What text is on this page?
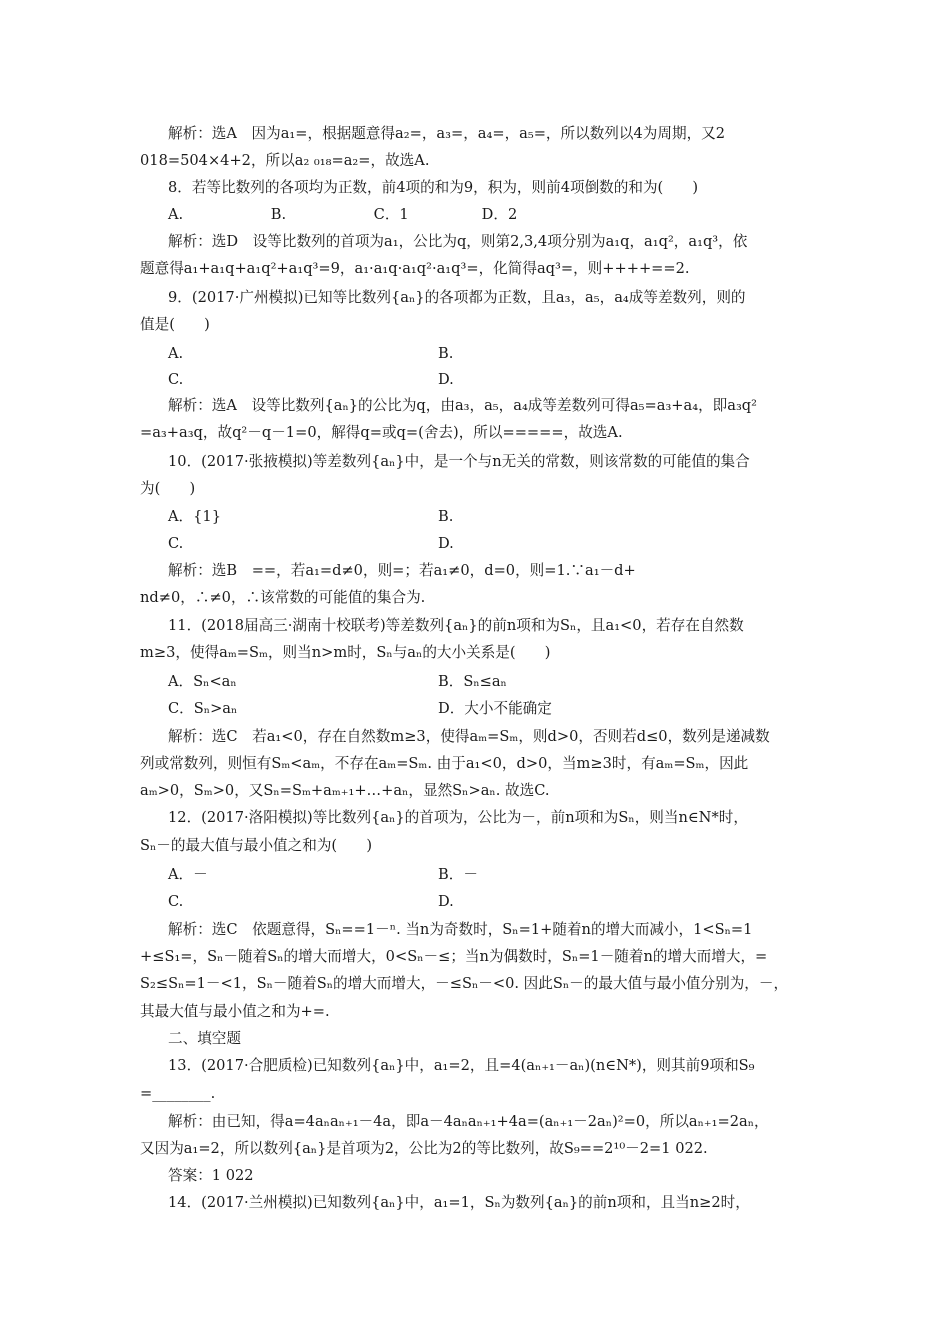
解析：选A　因为a₁=，根据题意得a₂=，a₃=，a₄=，a₅=，所以数列以4为周期，又2
018=504×4+2，所以a₂ ₀₁₈=a₂=，故选A.
8．若等比数列的各项均为正数，前4项的和为9，积为，则前4项倒数的和为(　　)
A.　　　　　　B.　　　　　　C．1　　　　　D．2
解析：选D　设等比数列的首项为a₁，公比为q，则第2,3,4项分别为a₁q，a₁q²，a₁q³，依
题意得a₁+a₁q+a₁q²+a₁q³=9，a₁·a₁q·a₁q²·a₁q³=，化简得aq³=，则++++==2.
9．(2017·广州模拟)已知等比数列{aₙ}的各项都为正数，且a₃，a₅，a₄成等差数列，则的
值是(　　)
A.	B.
C.	D.
解析：选A　设等比数列{aₙ}的公比为q，由a₃，a₅，a₄成等差数列可得a₅=a₃+a₄，即a₃q²
=a₃+a₃q，故q²－q－1=0，解得q=或q=(舍去)，所以=====，故选A.
10．(2017·张掖模拟)等差数列{aₙ}中，是一个与n无关的常数，则该常数的可能值的集合
为(　　)
A．{1}	B.
C.	D.
解析：选B　==，若a₁=d≠0，则=；若a₁≠0，d=0，则=1.∵a₁－d+
nd≠0，∴≠0，∴该常数的可能值的集合为.
11．(2018届高三·湖南十校联考)等差数列{aₙ}的前n项和为Sₙ，且a₁<0，若存在自然数
m≥3，使得aₘ=Sₘ，则当n>m时，Sₙ与aₙ的大小关系是(　　)
A．Sₙ<aₙ	B．Sₙ≤aₙ
C．Sₙ>aₙ	D．大小不能确定
解析：选C　若a₁<0，存在自然数m≥3，使得aₘ=Sₘ，则d>0，否则若d≤0，数列是递减数
列或常数列，则恒有Sₘ<aₘ，不存在aₘ=Sₘ. 由于a₁<0，d>0，当m≥3时，有aₘ=Sₘ，因此
aₘ>0，Sₘ>0，又Sₙ=Sₘ+aₘ₊₁+…+aₙ，显然Sₙ>aₙ. 故选C.
12．(2017·洛阳模拟)等比数列{aₙ}的首项为，公比为－，前n项和为Sₙ，则当n∈N*时，
Sₙ－的最大值与最小值之和为(　　)
A．－	B．－
C.	D.
解析：选C　依题意得，Sₙ==1－ⁿ. 当n为奇数时，Sₙ=1+随着n的增大而减小，1<Sₙ=1
+≤S₁=，Sₙ－随着Sₙ的增大而增大，0<Sₙ－≤；当n为偶数时，Sₙ=1－随着n的增大而增大，=
S₂≤Sₙ=1－<1，Sₙ－随着Sₙ的增大而增大，－≤Sₙ－<0. 因此Sₙ－的最大值与最小值分别为，－，
其最大值与最小值之和为+=.
二、填空题
13．(2017·合肥质检)已知数列{aₙ}中，a₁=2，且=4(aₙ₊₁－aₙ)(n∈N*)，则其前9项和S₉
=________.
解析：由已知，得a=4aₙaₙ₊₁－4a，即a－4aₙaₙ₊₁+4a=(aₙ₊₁－2aₙ)²=0，所以aₙ₊₁=2aₙ，
又因为a₁=2，所以数列{aₙ}是首项为2，公比为2的等比数列，故S₉==2¹⁰－2=1 022.
答案：1 022
14．(2017·兰州模拟)已知数列{aₙ}中，a₁=1，Sₙ为数列{aₙ}的前n项和，且当n≥2时，
